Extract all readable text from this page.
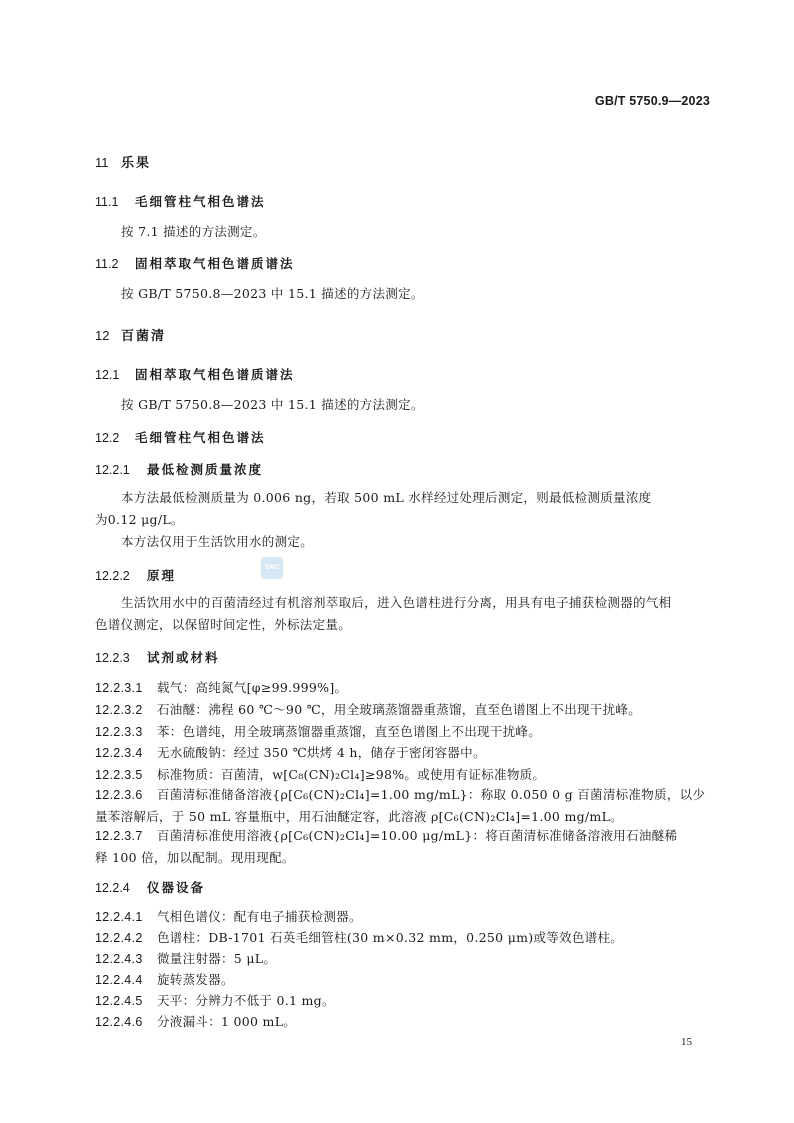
GB/T 5750.9—2023
11 乐果
11.1 毛细管柱气相色谱法
按 7.1 描述的方法测定。
11.2 固相萃取气相色谱质谱法
按 GB/T 5750.8—2023 中 15.1 描述的方法测定。
12 百菌清
12.1 固相萃取气相色谱质谱法
按 GB/T 5750.8—2023 中 15.1 描述的方法测定。
12.2 毛细管柱气相色谱法
12.2.1 最低检测质量浓度
本方法最低检测质量为 0.006 ng，若取 500 mL 水样经过处理后测定，则最低检测质量浓度
为0.12 μg/L。
本方法仅用于生活饮用水的测定。
SAC
12.2.2 原理
生活饮用水中的百菌清经过有机溶剂萃取后，进入色谱柱进行分离，用具有电子捕获检测器的气相
色谱仪测定，以保留时间定性，外标法定量。
12.2.3 试剂或材料
12.2.3.1 载气：高纯氮气[φ≥99.999%]。
12.2.3.2 石油醚：沸程 60 ℃～90 ℃，用全玻璃蒸馏器重蒸馏，直至色谱图上不出现干扰峰。
12.2.3.3 苯：色谱纯，用全玻璃蒸馏器重蒸馏，直至色谱图上不出现干扰峰。
12.2.3.4 无水硫酸钠：经过 350 ℃烘烤 4 h，储存于密闭容器中。
12.2.3.5 标准物质：百菌清，w[C₈(CN)₂Cl₄]≥98%。或使用有证标准物质。
12.2.3.6 百菌清标准储备溶液{ρ[C₆(CN)₂Cl₄]=1.00 mg/mL}：称取 0.050 0 g 百菌清标准物质，以少
量苯溶解后，于 50 mL 容量瓶中，用石油醚定容，此溶液 ρ[C₆(CN)₂Cl₄]=1.00 mg/mL。
12.2.3.7 百菌清标准使用溶液{ρ[C₆(CN)₂Cl₄]=10.00 μg/mL}：将百菌清标准储备溶液用石油醚稀
释 100 倍，加以配制。现用现配。
12.2.4 仪器设备
12.2.4.1 气相色谱仪：配有电子捕获检测器。
12.2.4.2 色谱柱：DB-1701 石英毛细管柱(30 m×0.32 mm，0.250 μm)或等效色谱柱。
12.2.4.3 微量注射器：5 μL。
12.2.4.4 旋转蒸发器。
12.2.4.5 天平：分辨力不低于 0.1 mg。
12.2.4.6 分液漏斗：1 000 mL。
15
